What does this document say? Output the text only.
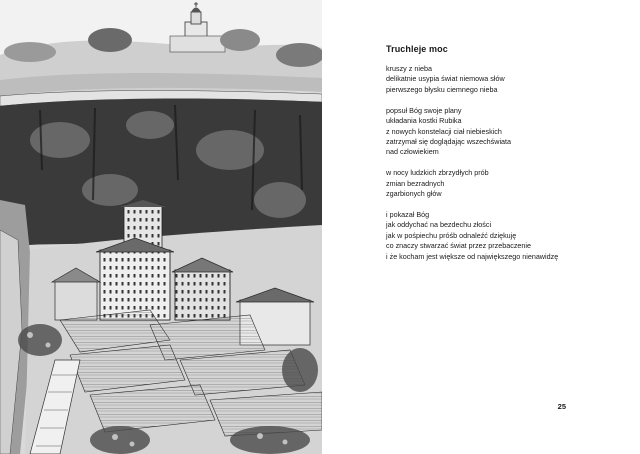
Truchleje moc
kruszy z nieba
delikatnie usypia świat niemowa słów
pierwszego błysku ciemnego nieba
popsuł Bóg swoje plany
układania kostki Rubika
z nowych konstelacji ciał niebieskich
zatrzymał się doglądając wszechświata
nad człowiekiem
w nocy ludzkich zbrzydłych prób
zmian bezradnych
zgarbionych głów
i pokazał Bóg
jak oddychać na bezdechu złości
jak w pośpiechu próśb odnaleźć dziękuję
co znaczy stwarzać świat przez przebaczenie
i że kocham jest większe od największego nienawidzę
25
